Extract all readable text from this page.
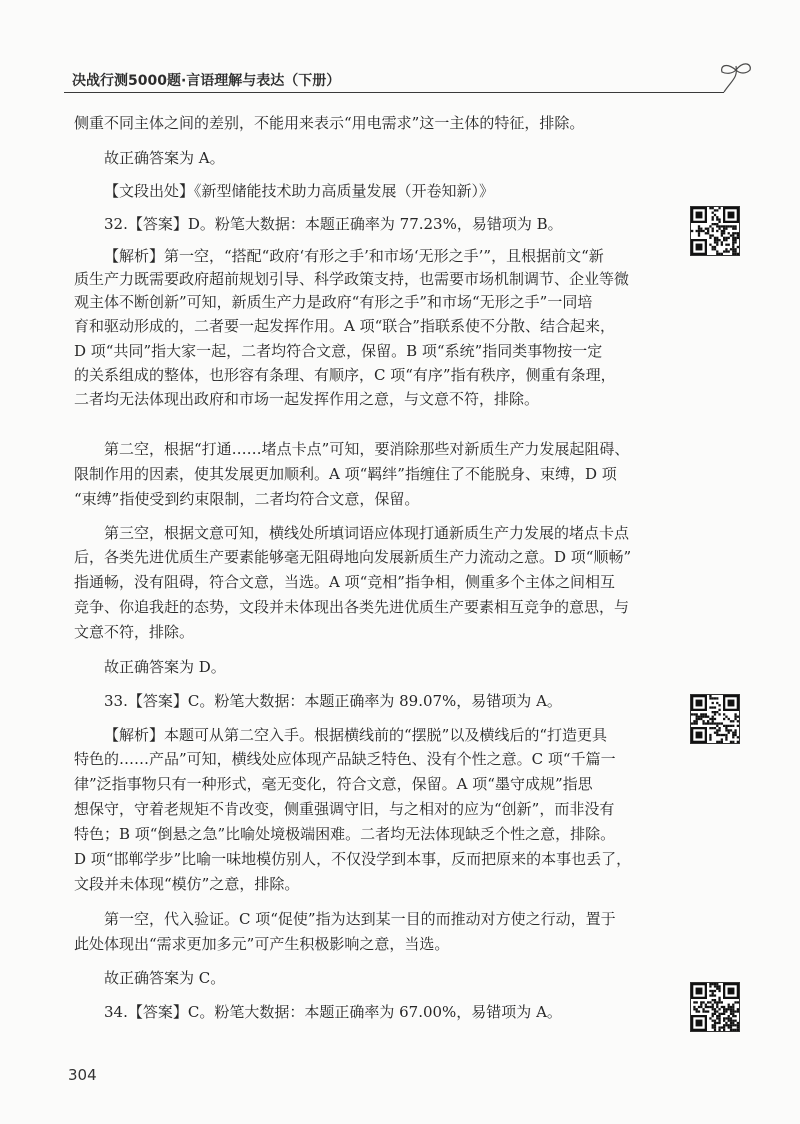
决战行测5000题·言语理解与表达（下册）
侧重不同主体之间的差别，不能用来表示“用电需求”这一主体的特征，排除。
故正确答案为 A。
【文段出处】《新型储能技术助力高质量发展（开卷知新）》
32.【答案】D。粉笔大数据：本题正确率为 77.23%，易错项为 B。
【解析】第一空，“搭配“政府‘有形之手’和市场‘无形之手’”，且根据前文“新
质生产力既需要政府超前规划引导、科学政策支持，也需要市场机制调节、企业等微
观主体不断创新”可知，新质生产力是政府“有形之手”和市场“无形之手”一同培
育和驱动形成的，二者要一起发挥作用。A 项“联合”指联系使不分散、结合起来，
D 项“共同”指大家一起，二者均符合文意，保留。B 项“系统”指同类事物按一定
的关系组成的整体，也形容有条理、有顺序，C 项“有序”指有秩序，侧重有条理，
二者均无法体现出政府和市场一起发挥作用之意，与文意不符，排除。
第二空，根据“打通……堵点卡点”可知，要消除那些对新质生产力发展起阻碍、
限制作用的因素，使其发展更加顺利。A 项“羁绊”指缠住了不能脱身、束缚，D 项
“束缚”指使受到约束限制，二者均符合文意，保留。
第三空，根据文意可知，横线处所填词语应体现打通新质生产力发展的堵点卡点
后，各类先进优质生产要素能够毫无阻碍地向发展新质生产力流动之意。D 项“顺畅”
指通畅，没有阻碍，符合文意，当选。A 项“竞相”指争相，侧重多个主体之间相互
竞争、你追我赶的态势，文段并未体现出各类先进优质生产要素相互竞争的意思，与
文意不符，排除。
故正确答案为 D。
33.【答案】C。粉笔大数据：本题正确率为 89.07%，易错项为 A。
【解析】本题可从第二空入手。根据横线前的“摆脱”以及横线后的“打造更具
特色的……产品”可知，横线处应体现产品缺乏特色、没有个性之意。C 项“千篇一
律”泛指事物只有一种形式，毫无变化，符合文意，保留。A 项“墨守成规”指思
想保守，守着老规矩不肯改变，侧重强调守旧，与之相对的应为“创新”，而非没有
特色；B 项“倒悬之急”比喻处境极端困难。二者均无法体现缺乏个性之意，排除。
D 项“邯郸学步”比喻一味地模仿别人，不仅没学到本事，反而把原来的本事也丢了，
文段并未体现“模仿”之意，排除。
第一空，代入验证。C 项“促使”指为达到某一目的而推动对方使之行动，置于
此处体现出“需求更加多元”可产生积极影响之意，当选。
故正确答案为 C。
34.【答案】C。粉笔大数据：本题正确率为 67.00%，易错项为 A。
304
